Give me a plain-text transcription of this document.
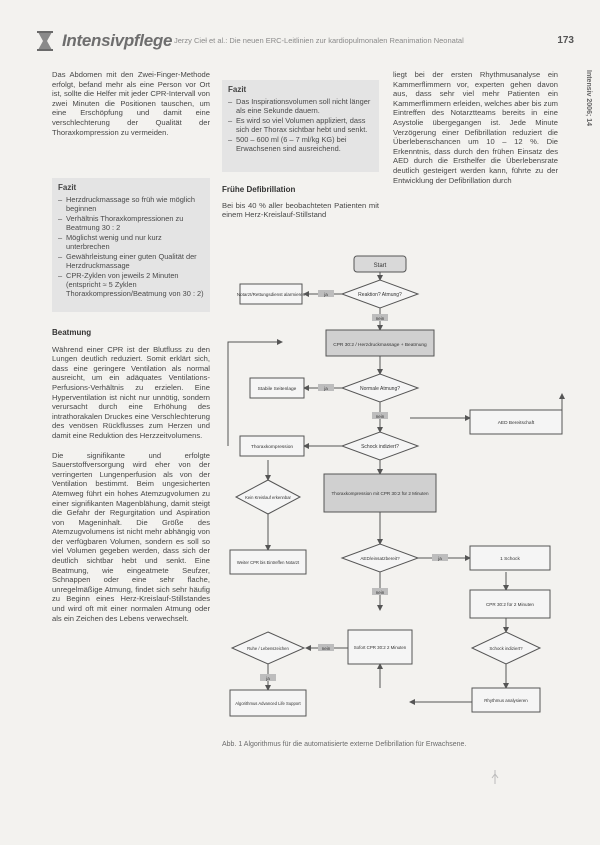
Intensivpflege Jerzy Cieł et al.: Die neuen ERC-Leitlinien zur kardiopulmonalen Reanimation Neonatal	173
Intensiv 2006; 14

Das Abdomen mit den Zwei-Finger-Methode erfolgt, befand mehr als eine Person vor Ort ist, sollte die Helfer mit jeder CPR-Intervall von zwei Minuten die Positionen tauschen, um eine Erschöpfung und damit eine verschlechterung der Qualität der Thoraxkompression zu vermeiden.

Fazit
– Herzdruckmassage so früh wie möglich beginnen
– Verhältnis Thoraxkompressionen zu Beatmung 30 : 2
– Möglichst wenig und nur kurz unterbrechen
– Gewährleistung einer guten Qualität der Herzdruckmassage
– CPR-Zyklen von jeweils 2 Minuten (entspricht ≈ 5 Zyklen Thoraxkompression/Beatmung von 30 : 2)
Beatmung

Während einer CPR ist der Blutfluss zu den Lungen deutlich reduziert. Somit erklärt sich, dass eine geringere Ventilation als normal ausreicht, um ein adäquates Ventilations-Perfusions-Verhältnis zu erzielen. Eine Hyperventilation ist nicht nur unnötig, sondern verursacht durch eine Erhöhung des intrathorakalen Druckes eine Verschlechterung des venösen Rückflusses zum Herzen und damit eine Reduktion des Herzzeitvolumens.

Die signifikante und erfolgte Sauerstoffversorgung wird eher von der verringerten Lungenperfusion als von der Ventilation bestimmt. Beim ungesicherten Atemweg führt ein hohes Atemzugvolumen zu einer signifikanten Magenblähung, damit steigt die Gefahr der Regurgitation und Aspiration von Mageninhalt. Die Größe des Atemzugvolumens ist nicht mehr abhängig von der verfügbaren Volumen, sondern es soll so viel Volumen gegeben werden, dass sich der deutlich sichtbar hebt und senkt. Eine Beatmung, wie eingeatmete Seufzer, Schnappen oder eine sehr flache, unregelmäßige Atmung, findet sich sehr häufig zu Beginn eines Herz-Kreislauf-Stillstandes und wird oft mit einer normalen Atmung oder als ein Zeichen des Lebens verwechselt.

Fazit
– Das Inspirationsvolumen soll nicht länger als eine Sekunde dauern.
– Es wird so viel Volumen appliziert, dass sich der Thorax sichtbar hebt und senkt.
– 500 – 600 ml (6 – 7 ml/kg KG) bei Erwachsenen sind ausreichend.
Frühe Defibrillation

Bei bis 40 % aller beobachteten Patienten mit einem Herz-Kreislauf-Stillstand

liegt bei der ersten Rhythmusanalyse ein Kammerflimmern vor, experten gehen davon aus, dass sehr viel mehr Patienten ein Kammerflimmern erleiden, welches aber bis zum Eintreffen des Notarztteams bereits in eine Asystolie übergegangen ist. Jede Minute Verzögerung einer Defibrillation reduziert die Überlebenschancen um 10 – 12 %. Die Erkenntnis, dass durch den frühen Einsatz des AED durch die Ersthelfer die Überlebensrate deutlich gesteigert werden kann, führte zu der Entwicklung der Defibrillation durch

Start
Reaktion? Atmung?
Notarzt/Rettungsdienst alarmieren
CPR 30:2 / Herzdruckmassage + Beatmung
Normale Atmung?
Stabile Seitenlage
AED Bereitschaft
Schock indiziert?
Thoraxkompression
Thoraxkompression mit CPR 30:2 für 2 Minuten
Kein Kreislauf erkennbar
AED/einsatzbereit?
Weiter CPR bis Eintreffen Notarzt
1 Schock
CPR 30:2 für 2 Minuten
Sofort CPR 30:2 2 Minuten	Schock indiziert?
Ruhe / Lebenszeichen
Algorithmus Advanced Life Support
Rhythmus analysieren
ja
nein
ja
nein
ja
nein
nein
ja
Abb. 1 Algorithmus für die automatisierte externe Defibrillation für Erwachsene.
